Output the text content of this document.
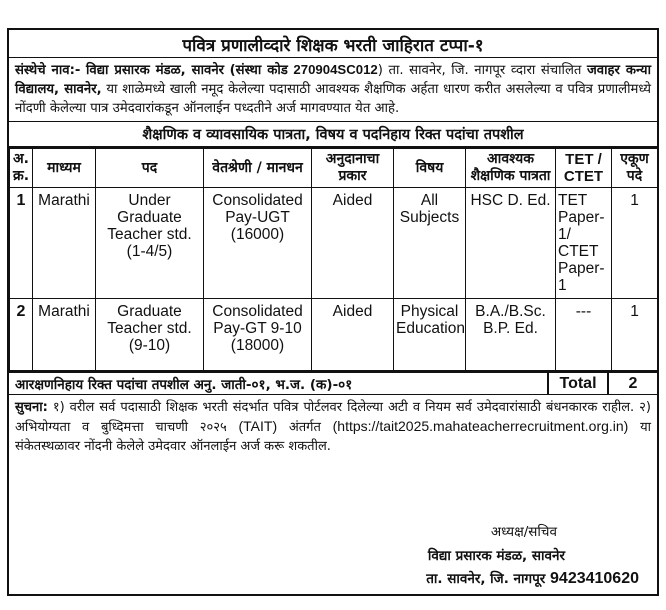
पवित्र प्रणालीव्दारे शिक्षक भरती जाहिरात टप्पा-१
संस्थेचे नाव:- विद्या प्रसारक मंडळ, सावनेर (संस्था कोड 270904SC012) ता. सावनेर, जि. नागपूर व्दारा संचालित जवाहर कन्या विद्यालय, सावनेर, या शाळेमध्ये खाली नमूद केलेल्या पदासाठी आवश्यक शैक्षणिक अर्हता धारण करीत असलेल्या व पवित्र प्रणालीमध्ये नोंदणी केलेल्या पात्र उमेदवारांकडून ऑनलाईन पध्दतीने अर्ज मागवण्यात येत आहे.
शैक्षणिक व व्यावसायिक पात्रता, विषय व पदनिहाय रिक्त पदांचा तपशील
अ. क्र.	माध्यम	पद	वेतश्रेणी / मानधन	अनुदानाचा प्रकार	विषय	आवश्यक शैक्षणिक पात्रता	TET / CTET	एकूण पदे
1	Marathi	Under Graduate Teacher std.(1-4/5)	Consolidated Pay-UGT (16000)	Aided	All Subjects	HSC D. Ed.	TET Paper-1/ CTET Paper-1	1
2	Marathi	Graduate Teacher std.(9-10)	Consolidated Pay-GT 9-10 (18000)	Aided	Physical Education	B.A./B.Sc. B.P. Ed.	---	1
आरक्षणनिहाय रिक्त पदांचा तपशील अनु. जाती-०१, भ.ज. (क)-०१	Total	2
सुचना: १) वरील सर्व पदासाठी शिक्षक भरती संदर्भात पवित्र पोर्टलवर दिलेल्या अटी व नियम सर्व उमेदवारांसाठी बंधनकारक राहील. २) अभियोग्यता व बुध्दिमत्ता चाचणी २०२५ (TAIT) अंतर्गत (https://tait2025.mahateacherrecruitment.org.in) या संकेतस्थळावर नोंदनी केलेले उमेदवार ऑनलाईन अर्ज करू शकतील.
अध्यक्ष/सचिव
विद्या प्रसारक मंडळ, सावनेर
ता. सावनेर, जि. नागपूर 9423410620
